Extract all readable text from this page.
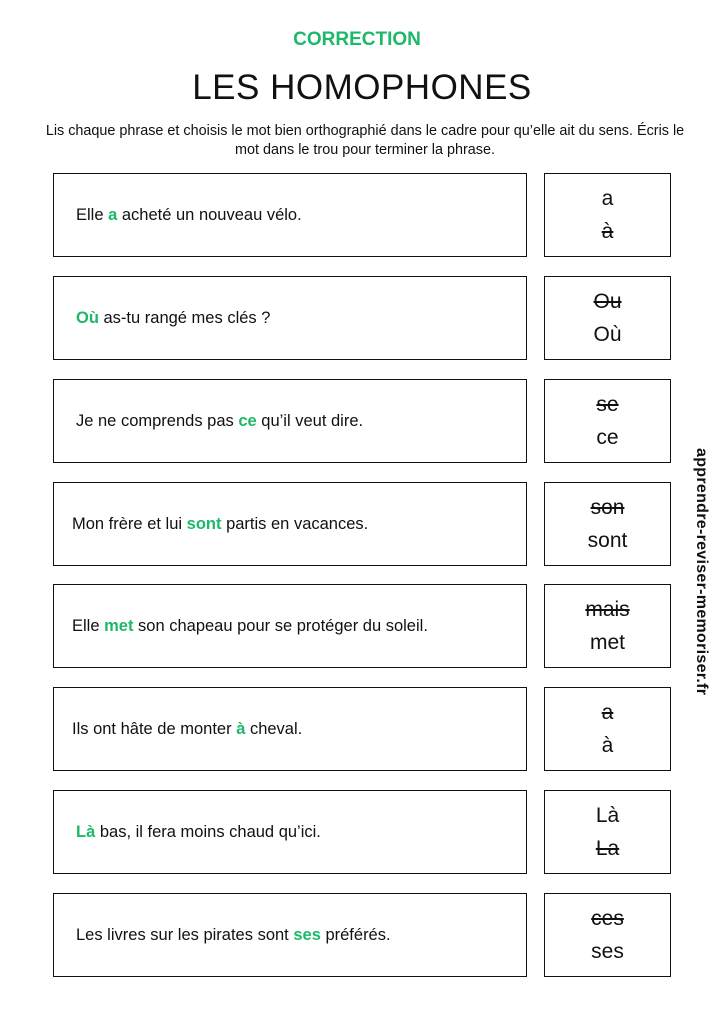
CORRECTION
LES HOMOPHONES
Lis chaque phrase et choisis le mot bien orthographié dans le cadre pour qu’elle ait du sens. Écris le mot dans le trou pour terminer la phrase.
Elle a acheté un nouveau vélo.
a
à
Où as-tu rangé mes clés ?
Ou
Où
Je ne comprends pas ce qu’il veut dire.
se
ce
Mon frère et lui sont partis en vacances.
son
sont
Elle met son chapeau pour se protéger du soleil.
mais
met
Ils ont hâte de monter à cheval.
a
à
Là bas, il fera moins chaud qu’ici.
Là
La
Les livres sur les pirates sont ses préférés.
ces
ses
apprendre-reviser-memoriser.fr
